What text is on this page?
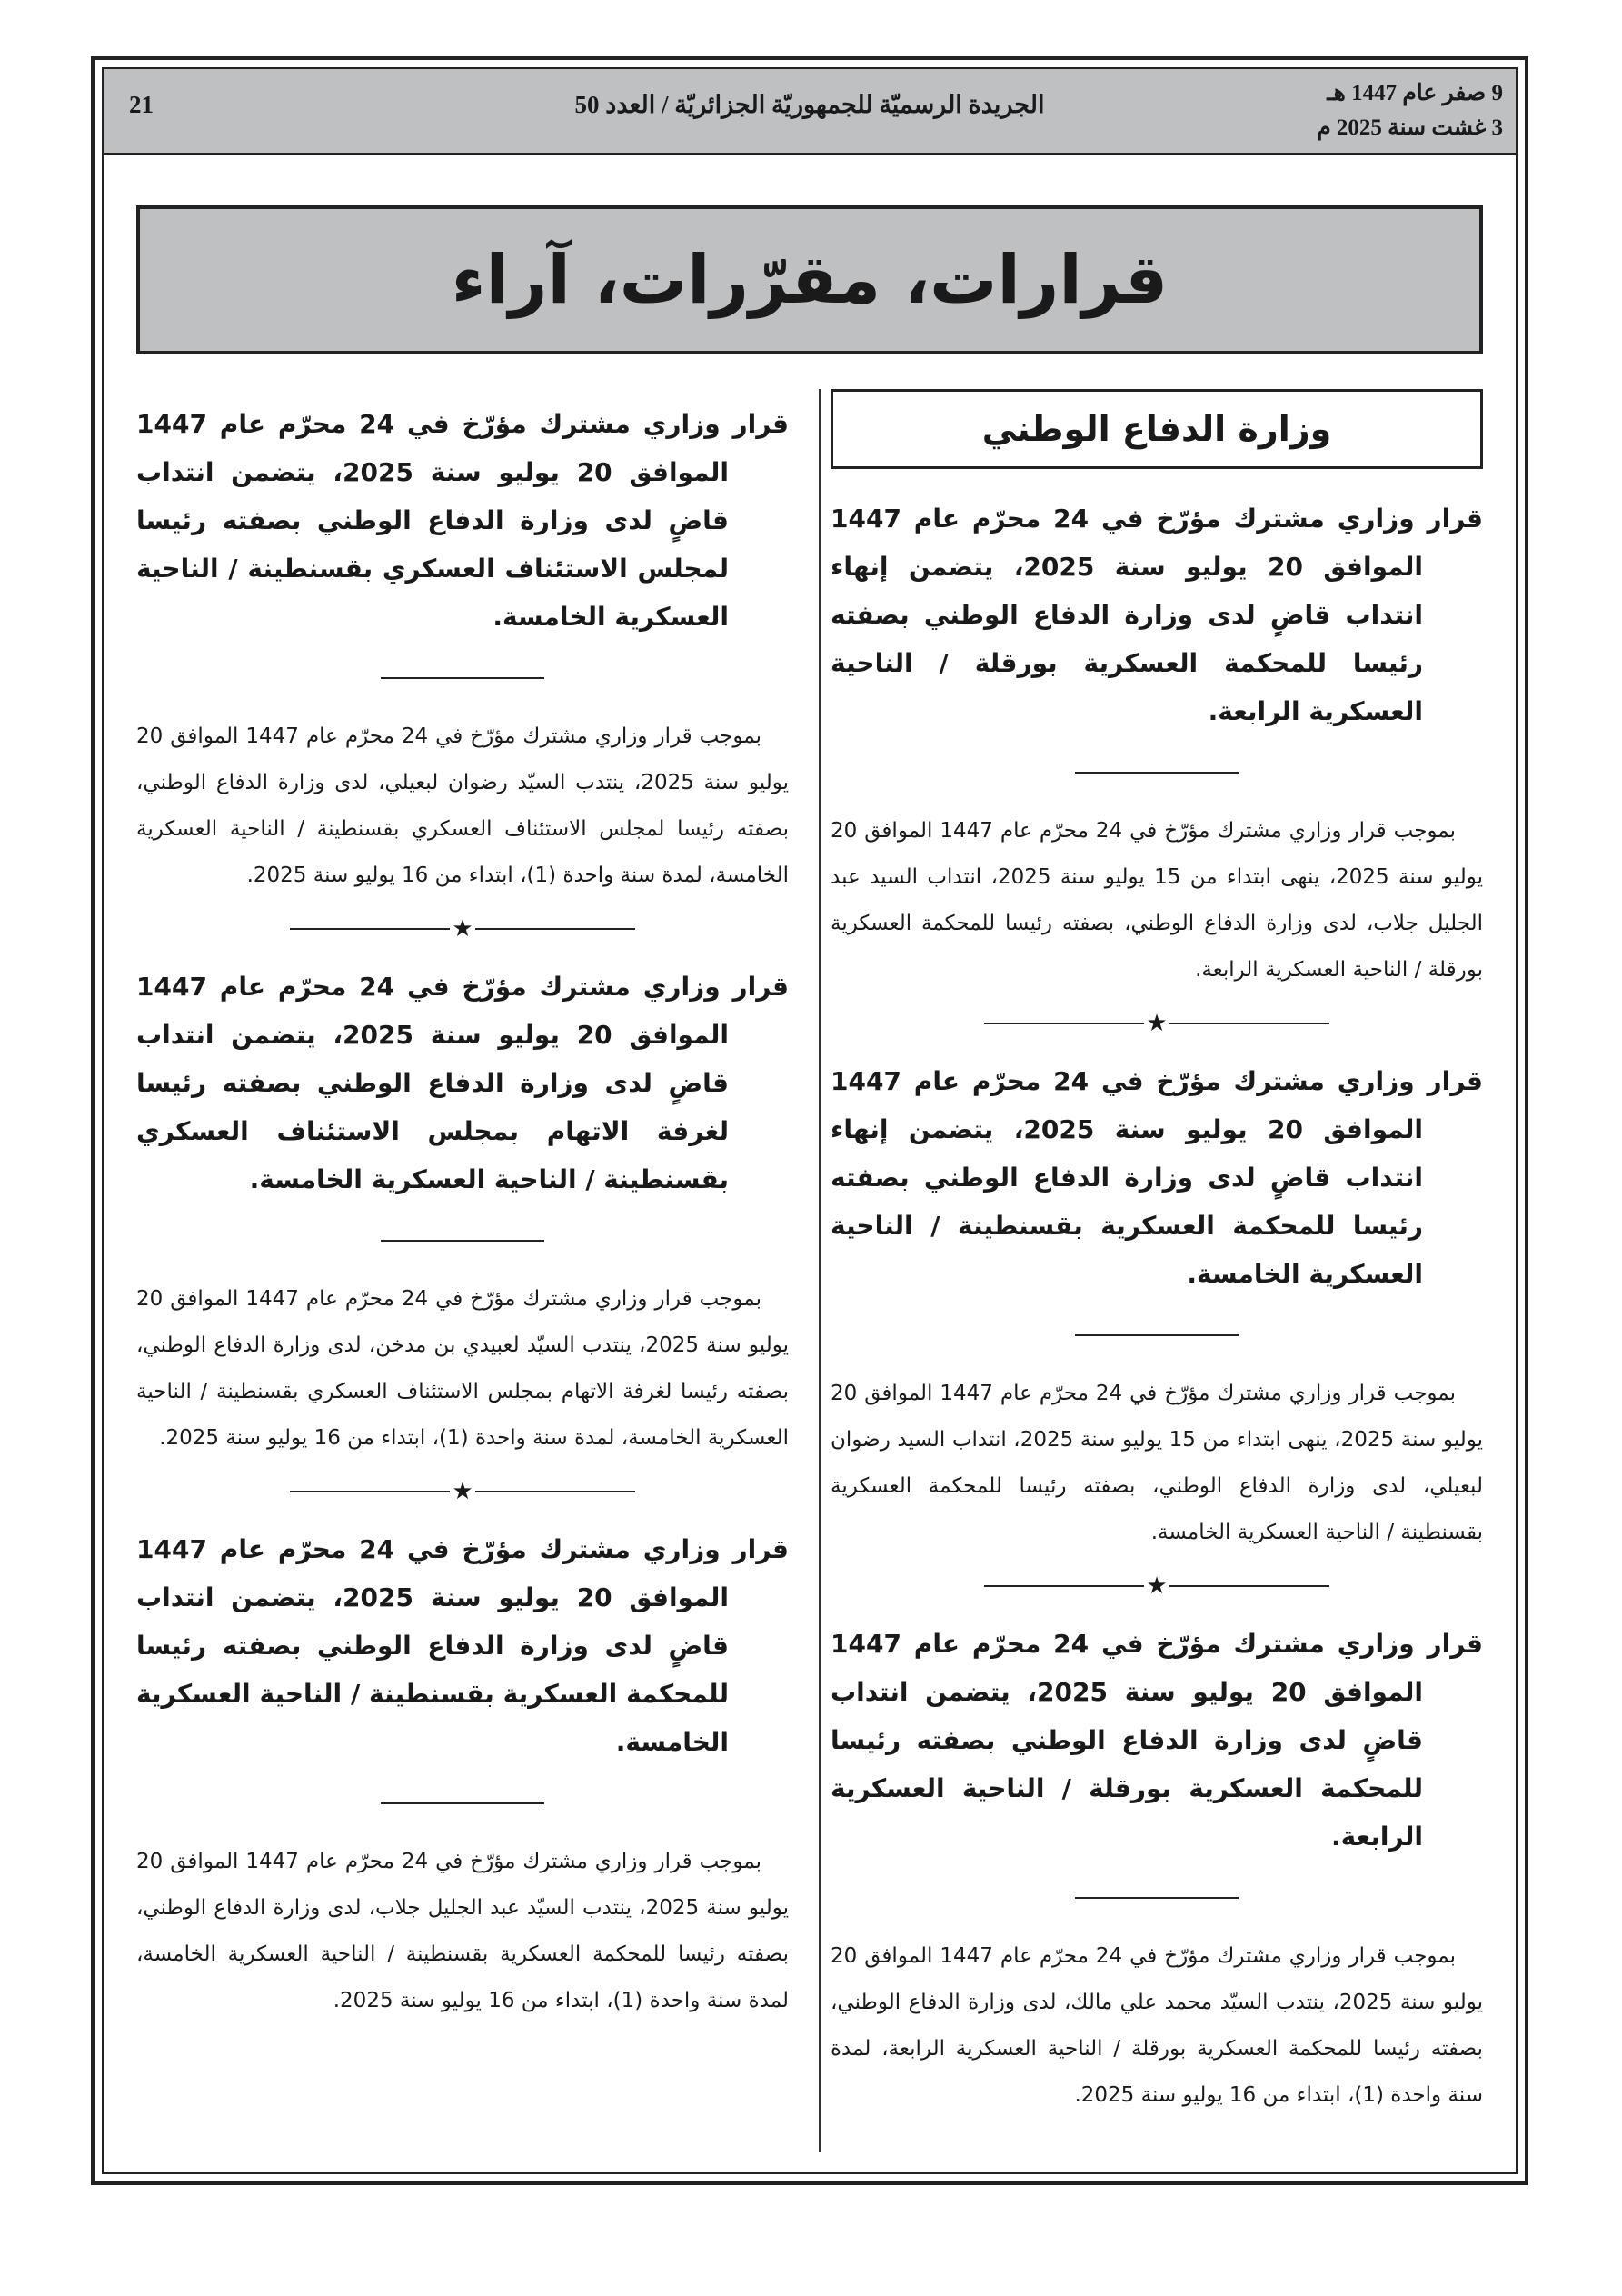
9 صفر عام 1447 هـ
3 غشت سنة 2025 م
الجريدة الرسميّة للجمهوريّة الجزائريّة / العدد 50
21
قرارات، مقرّرات، آراء
وزارة الدفاع الوطني

قرار وزاري مشترك مؤرّخ في 24 محرّم عام 1447 الموافق 20 يوليو سنة 2025، يتضمن إنهاء انتداب قاضٍ لدى وزارة الدفاع الوطني بصفته رئيسا للمحكمة العسكرية بورقلة / الناحية العسكرية الرابعة.

بموجب قرار وزاري مشترك مؤرّخ في 24 محرّم عام 1447 الموافق 20 يوليو سنة 2025، ينهى ابتداء من 15 يوليو سنة 2025، انتداب السيد عبد الجليل جلاب، لدى وزارة الدفاع الوطني، بصفته رئيسا للمحكمة العسكرية بورقلة / الناحية العسكرية الرابعة.

★

قرار وزاري مشترك مؤرّخ في 24 محرّم عام 1447 الموافق 20 يوليو سنة 2025، يتضمن إنهاء انتداب قاضٍ لدى وزارة الدفاع الوطني بصفته رئيسا للمحكمة العسكرية بقسنطينة / الناحية العسكرية الخامسة.

بموجب قرار وزاري مشترك مؤرّخ في 24 محرّم عام 1447 الموافق 20 يوليو سنة 2025، ينهى ابتداء من 15 يوليو سنة 2025، انتداب السيد رضوان لبعيلي، لدى وزارة الدفاع الوطني، بصفته رئيسا للمحكمة العسكرية بقسنطينة / الناحية العسكرية الخامسة.

★

قرار وزاري مشترك مؤرّخ في 24 محرّم عام 1447 الموافق 20 يوليو سنة 2025، يتضمن انتداب قاضٍ لدى وزارة الدفاع الوطني بصفته رئيسا للمحكمة العسكرية بورقلة / الناحية العسكرية الرابعة.

بموجب قرار وزاري مشترك مؤرّخ في 24 محرّم عام 1447 الموافق 20 يوليو سنة 2025، ينتدب السيّد محمد علي مالك، لدى وزارة الدفاع الوطني، بصفته رئيسا للمحكمة العسكرية بورقلة / الناحية العسكرية الرابعة، لمدة سنة واحدة (1)، ابتداء من 16 يوليو سنة 2025.

قرار وزاري مشترك مؤرّخ في 24 محرّم عام 1447 الموافق 20 يوليو سنة 2025، يتضمن انتداب قاضٍ لدى وزارة الدفاع الوطني بصفته رئيسا لمجلس الاستئناف العسكري بقسنطينة / الناحية العسكرية الخامسة.

بموجب قرار وزاري مشترك مؤرّخ في 24 محرّم عام 1447 الموافق 20 يوليو سنة 2025، ينتدب السيّد رضوان لبعيلي، لدى وزارة الدفاع الوطني، بصفته رئيسا لمجلس الاستئناف العسكري بقسنطينة / الناحية العسكرية الخامسة، لمدة سنة واحدة (1)، ابتداء من 16 يوليو سنة 2025.

★

قرار وزاري مشترك مؤرّخ في 24 محرّم عام 1447 الموافق 20 يوليو سنة 2025، يتضمن انتداب قاضٍ لدى وزارة الدفاع الوطني بصفته رئيسا لغرفة الاتهام بمجلس الاستئناف العسكري بقسنطينة / الناحية العسكرية الخامسة.

بموجب قرار وزاري مشترك مؤرّخ في 24 محرّم عام 1447 الموافق 20 يوليو سنة 2025، ينتدب السيّد لعبيدي بن مدخن، لدى وزارة الدفاع الوطني، بصفته رئيسا لغرفة الاتهام بمجلس الاستئناف العسكري بقسنطينة / الناحية العسكرية الخامسة، لمدة سنة واحدة (1)، ابتداء من 16 يوليو سنة 2025.

★

قرار وزاري مشترك مؤرّخ في 24 محرّم عام 1447 الموافق 20 يوليو سنة 2025، يتضمن انتداب قاضٍ لدى وزارة الدفاع الوطني بصفته رئيسا للمحكمة العسكرية بقسنطينة / الناحية العسكرية الخامسة.

بموجب قرار وزاري مشترك مؤرّخ في 24 محرّم عام 1447 الموافق 20 يوليو سنة 2025، ينتدب السيّد عبد الجليل جلاب، لدى وزارة الدفاع الوطني، بصفته رئيسا للمحكمة العسكرية بقسنطينة / الناحية العسكرية الخامسة، لمدة سنة واحدة (1)، ابتداء من 16 يوليو سنة 2025.
